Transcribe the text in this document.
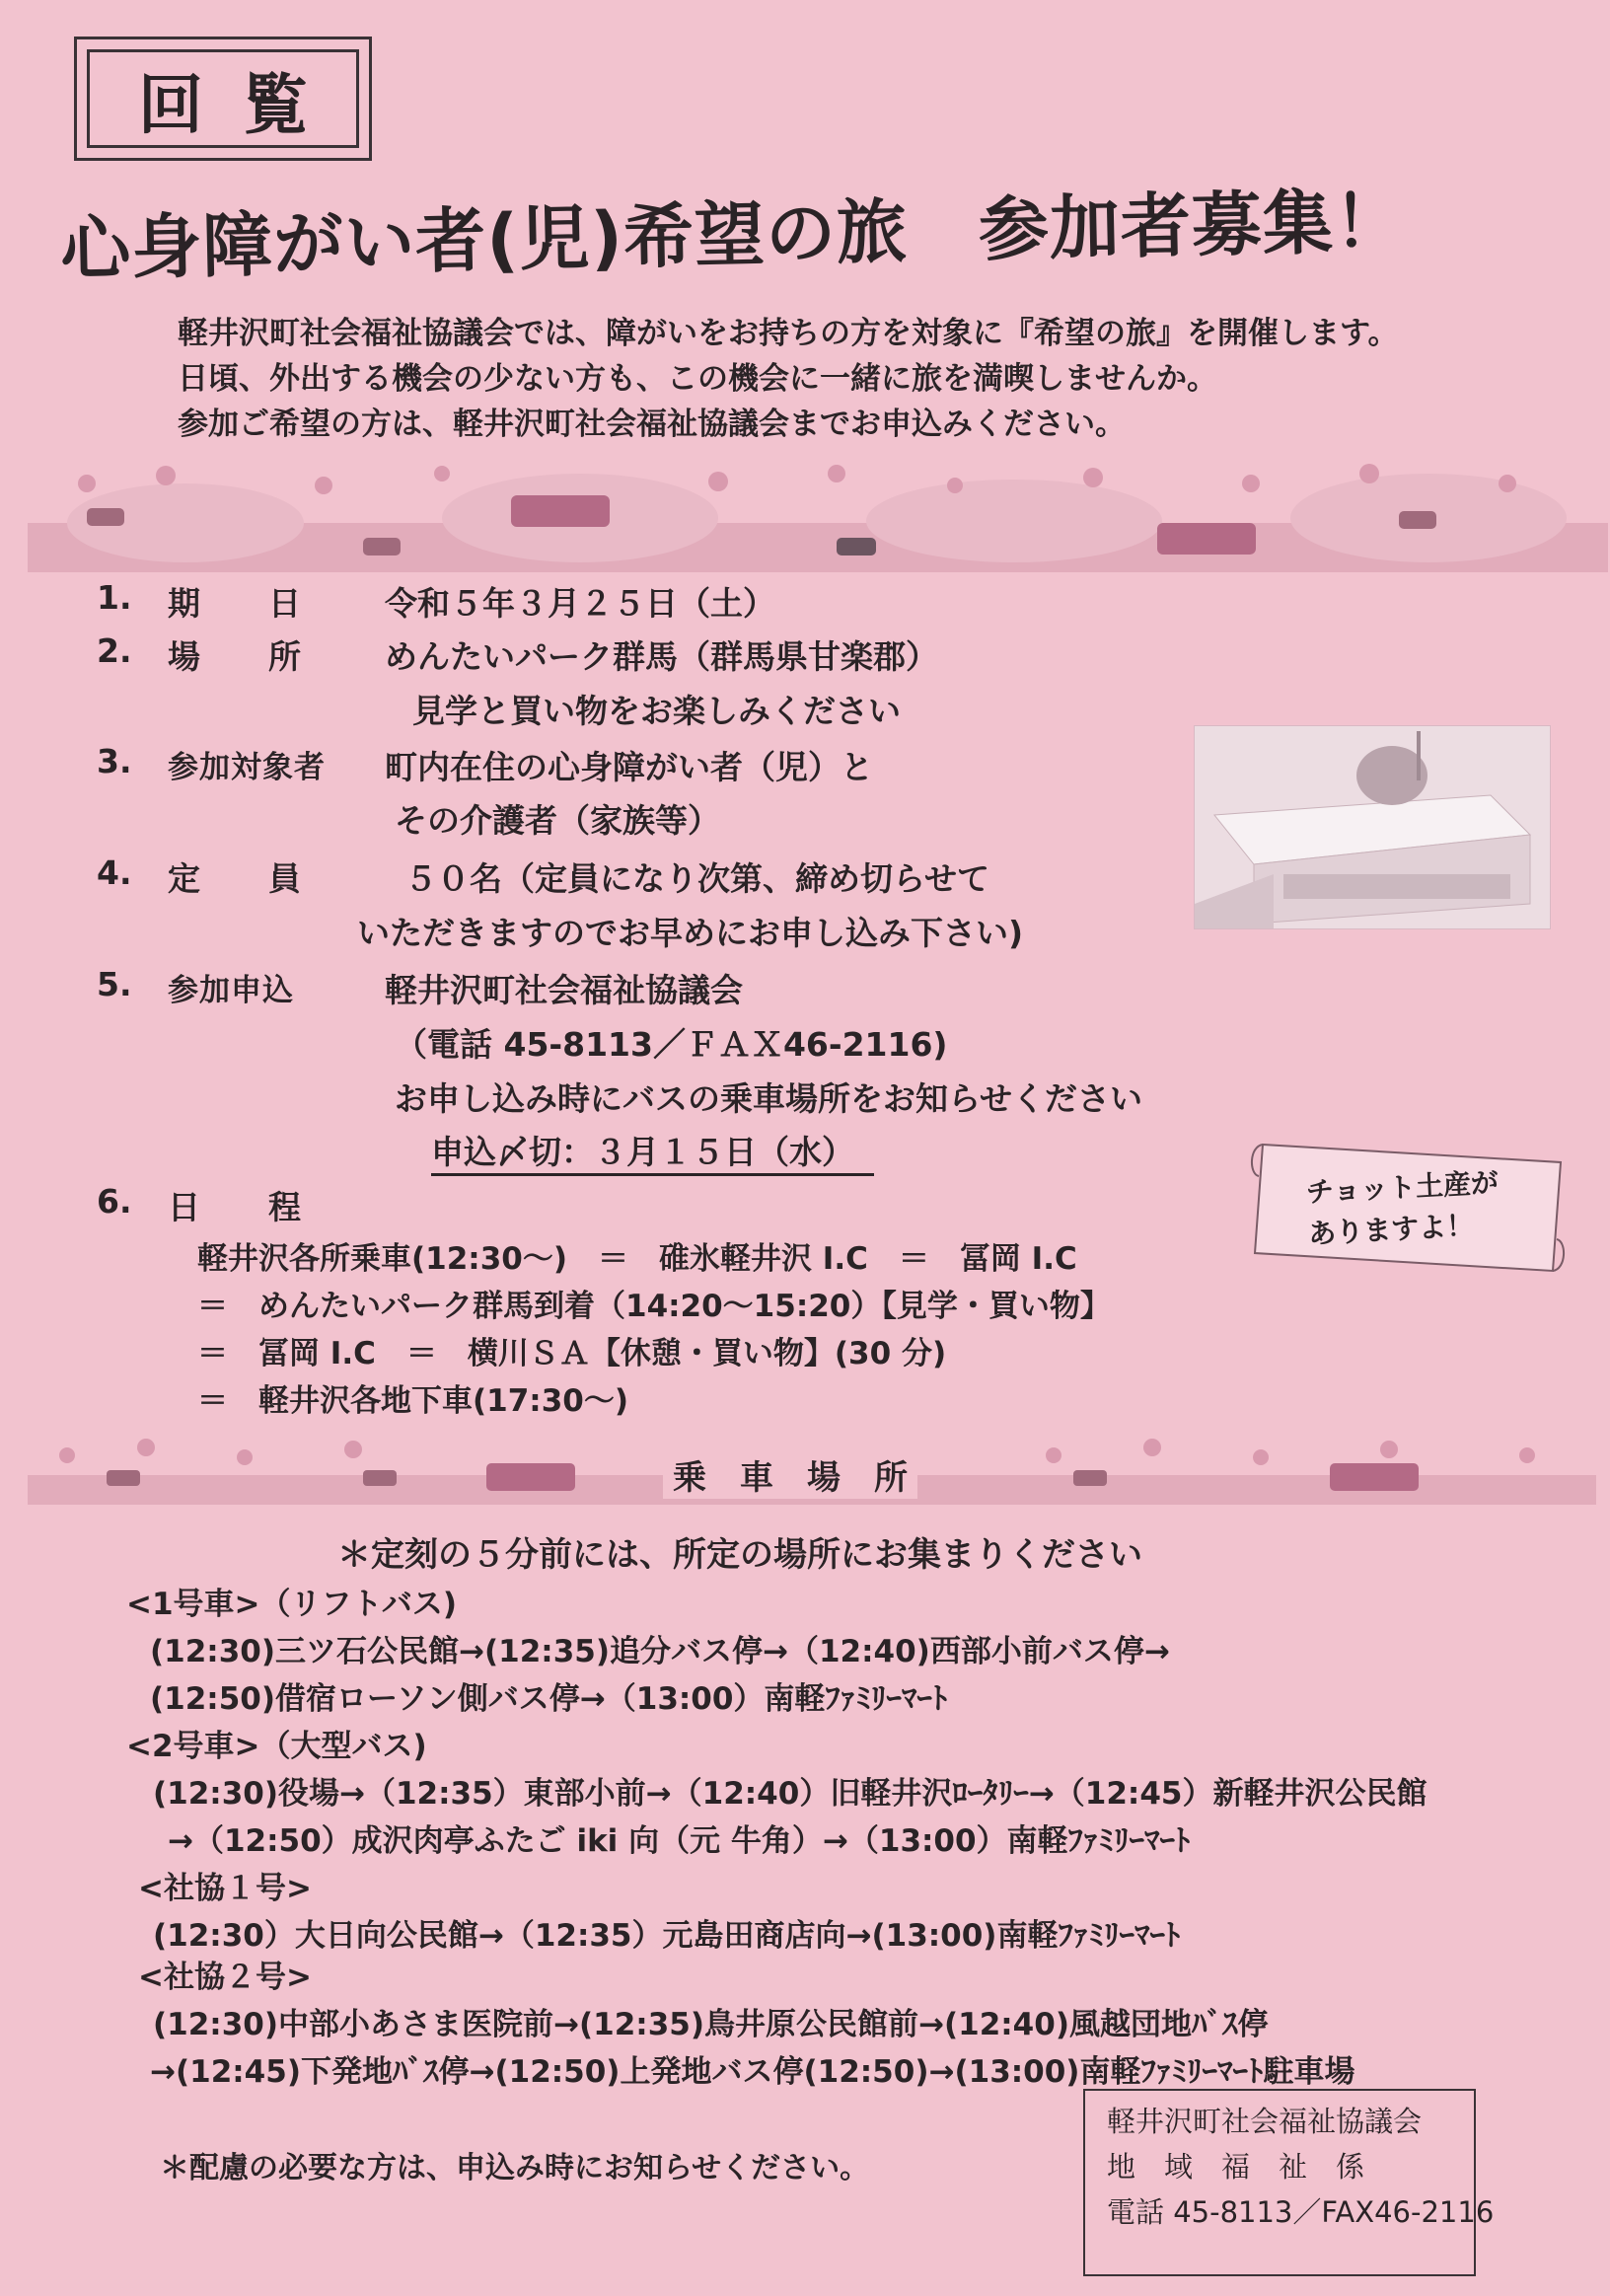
回覧
心身障がい者(児)希望の旅　参加者募集！
軽井沢町社会福祉協議会では、障がいをお持ちの方を対象に『希望の旅』を開催します。
日頃、外出する機会の少ない方も、この機会に一緒に旅を満喫しませんか。
参加ご希望の方は、軽井沢町社会福祉協議会までお申込みください。
1. 期　　日	令和５年３月２５日（土）
2. 場　　所	めんたいパーク群馬（群馬県甘楽郡）
見学と買い物をお楽しみください
3. 参加対象者 町内在住の心身障がい者（児）と
その介護者（家族等）
4. 定　　員	５０名（定員になり次第、締め切らせて
いただきますのでお早めにお申し込み下さい)
5. 参加申込	軽井沢町社会福祉協議会
（電話 45-8113／ＦＡＸ46-2116)
お申し込み時にバスの乗車場所をお知らせください
申込〆切：３月１５日（水）
チョット土産が
ありますよ！
6. 日　　程
軽井沢各所乗車(12:30〜)　＝　碓氷軽井沢 I.C　＝　冨岡 I.C
＝　めんたいパーク群馬到着（14:20〜15:20）【見学・買い物】
＝　冨岡 I.C　＝　横川ＳＡ【休憩・買い物】(30 分)
＝　軽井沢各地下車(17:30〜)
乗　車　場　所
＊定刻の５分前には、所定の場所にお集まりください
<1号車>（リフトバス)
(12:30)三ツ石公民館→(12:35)追分バス停→（12:40)西部小前バス停→
(12:50)借宿ローソン側バス停→（13:00）南軽ﾌｧﾐﾘｰﾏｰﾄ
<2号車>（大型バス)
(12:30)役場→（12:35）東部小前→（12:40）旧軽井沢ﾛｰﾀﾘｰ→（12:45）新軽井沢公民館
→（12:50）成沢肉亭ふたご iki 向（元 牛角）→（13:00）南軽ﾌｧﾐﾘｰﾏｰﾄ
<社協１号>
(12:30）大日向公民館→（12:35）元島田商店向→(13:00)南軽ﾌｧﾐﾘｰﾏｰﾄ
<社協２号>
(12:30)中部小あさま医院前→(12:35)鳥井原公民館前→(12:40)風越団地ﾊﾞｽ停
→(12:45)下発地ﾊﾞｽ停→(12:50)上発地バス停(12:50)→(13:00)南軽ﾌｧﾐﾘｰﾏｰﾄ駐車場
＊配慮の必要な方は、申込み時にお知らせください。
軽井沢町社会福祉協議会
地　域　福　祉　係
電話 45-8113／FAX46-2116
